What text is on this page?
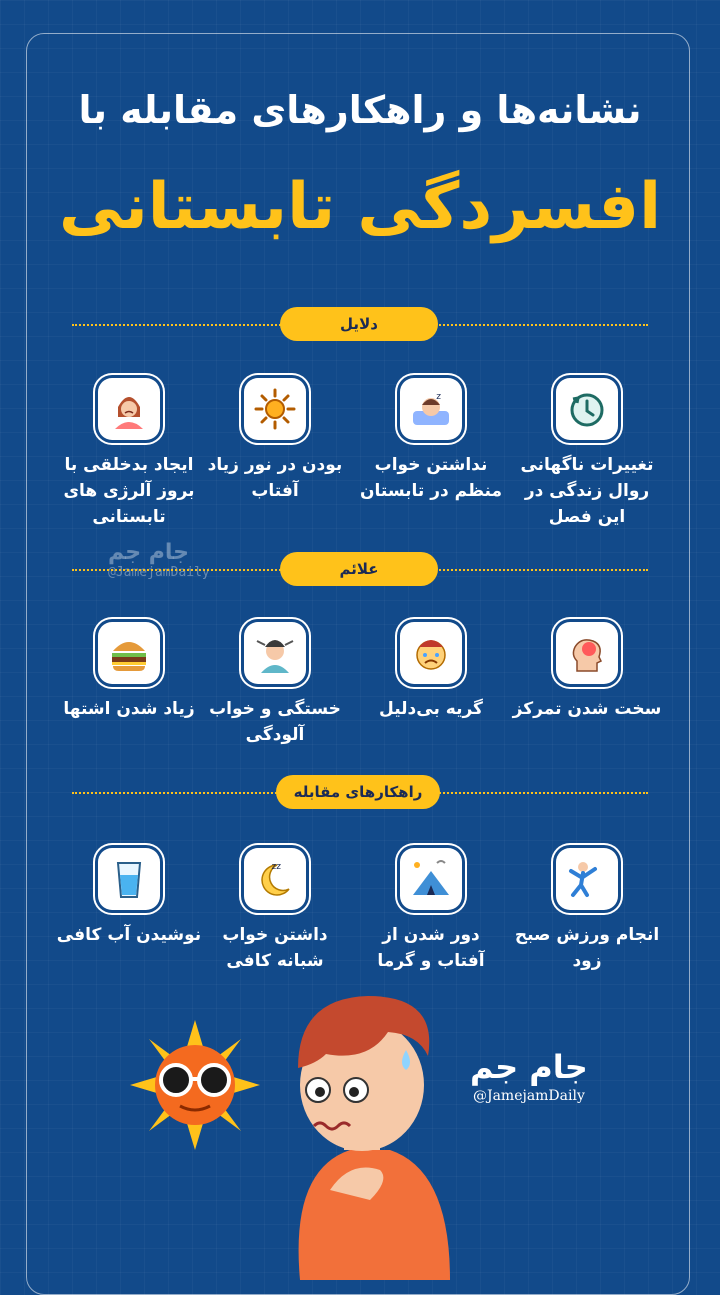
نشانه‌ها و راهکارهای مقابله با
افسردگی تابستانی
دلایل
تغییرات ناگهانی روال زندگی در این فصل
z
نداشتن خواب منظم در تابستان
بودن در نور زیاد آفتاب
ایجاد بدخلقی با بروز آلرژی های تابستانی
جام جم
@JamejamDaily	علائم
سخت شدن تمرکز
گریه بی‌دلیل
خستگی و خواب آلودگی
زیاد شدن اشتها
راهکارهای مقابله
انجام ورزش صبح زود
دور شدن از آفتاب و گرما
zz
داشتن خواب شبانه کافی
نوشیدن آب کافی
جام جم
@JamejamDaily
